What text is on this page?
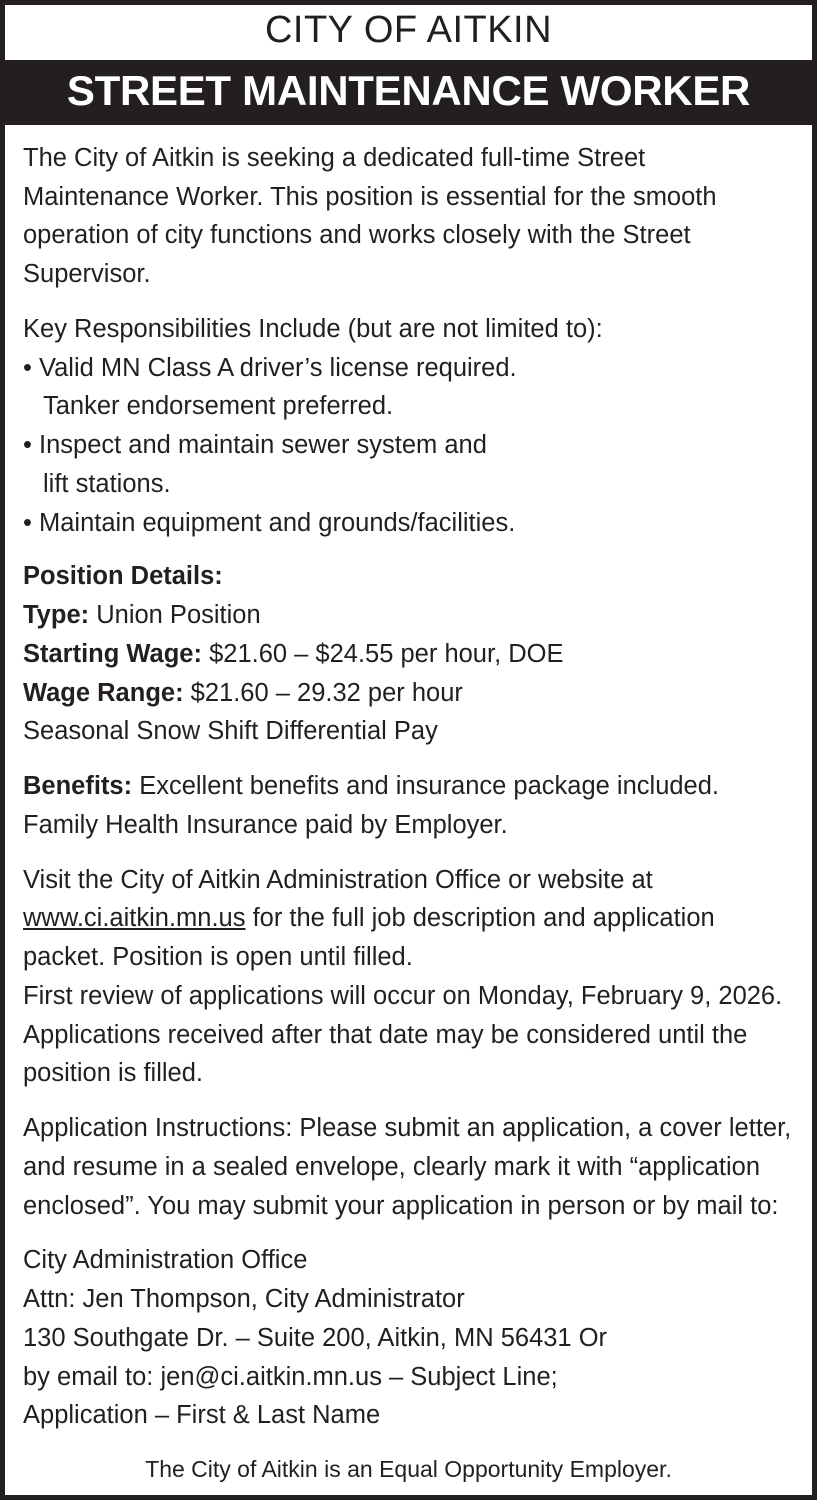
CITY OF AITKIN
STREET MAINTENANCE WORKER

The City of Aitkin is seeking a dedicated full-time Street Maintenance Worker. This position is essential for the smooth operation of city functions and works closely with the Street Supervisor.

Key Responsibilities Include (but are not limited to):

• Valid MN Class A driver’s license required.
Tanker endorsement preferred.
• Inspect and maintain sewer system and
lift stations.
• Maintain equipment and grounds/facilities.

Position Details:
Type: Union Position
Starting Wage: $21.60 – $24.55 per hour, DOE
Wage Range: $21.60 – 29.32 per hour
Seasonal Snow Shift Differential Pay

Benefits: Excellent benefits and insurance package included. Family Health Insurance paid by Employer.

Visit the City of Aitkin Administration Office or website at www.ci.aitkin.mn.us for the full job description and application packet. Position is open until filled.
First review of applications will occur on Monday, February 9, 2026. Applications received after that date may be considered until the position is filled.

Application Instructions: Please submit an application, a cover letter, and resume in a sealed envelope, clearly mark it with “application enclosed”. You may submit your application in person or by mail to:

City Administration Office
Attn: Jen Thompson, City Administrator
130 Southgate Dr. – Suite 200, Aitkin, MN 56431 Or
by email to: jen@ci.aitkin.mn.us – Subject Line;
Application – First & Last Name

The City of Aitkin is an Equal Opportunity Employer.
